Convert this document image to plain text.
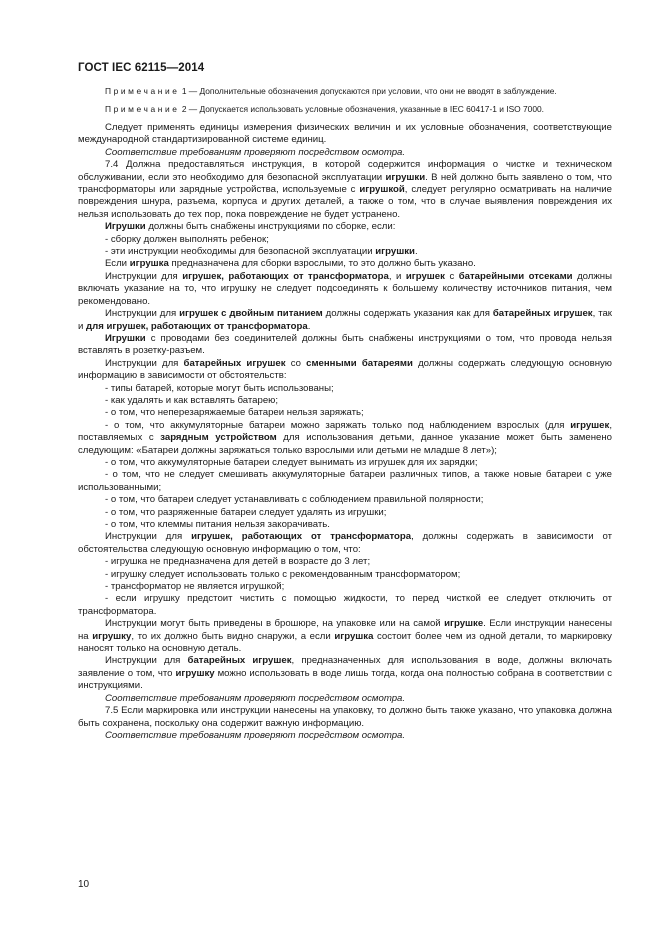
ГОСТ IEC 62115—2014

Примечание 1 — Дополнительные обозначения допускаются при условии, что они не вводят в заблуждение.

Примечание 2 — Допускается использовать условные обозначения, указанные в IEC 60417-1 и ISO 7000.

Следует применять единицы измерения физических величин и их условные обозначения, соответствующие международной стандартизированной системе единиц.

Соответствие требованиям проверяют посредством осмотра.

7.4 Должна предоставляться инструкция, в которой содержится информация о чистке и техническом обслуживании, если это необходимо для безопасной эксплуатации игрушки. В ней должно быть заявлено о том, что трансформаторы или зарядные устройства, используемые с игрушкой, следует регулярно осматривать на наличие повреждения шнура, разъема, корпуса и других деталей, а также о том, что в случае выявления повреждения их нельзя использовать до тех пор, пока повреждение не будет устранено.

Игрушки должны быть снабжены инструкциями по сборке, если:

- сборку должен выполнять ребенок;

- эти инструкции необходимы для безопасной эксплуатации игрушки.

Если игрушка предназначена для сборки взрослыми, то это должно быть указано.

Инструкции для игрушек, работающих от трансформатора, и игрушек с батарейными отсеками должны включать указание на то, что игрушку не следует подсоединять к большему количеству источников питания, чем рекомендовано.

Инструкции для игрушек с двойным питанием должны содержать указания как для батарейных игрушек, так и для игрушек, работающих от трансформатора.

Игрушки с проводами без соединителей должны быть снабжены инструкциями о том, что провода нельзя вставлять в розетку-разъем.

Инструкции для батарейных игрушек со сменными батареями должны содержать следующую основную информацию в зависимости от обстоятельств:

- типы батарей, которые могут быть использованы;

- как удалять и как вставлять батарею;

- о том, что неперезаряжаемые батареи нельзя заряжать;

- о том, что аккумуляторные батареи можно заряжать только под наблюдением взрослых (для игрушек, поставляемых с зарядным устройством для использования детьми, данное указание может быть заменено следующим: «Батареи должны заряжаться только взрослыми или детьми не младше 8 лет»);

- о том, что аккумуляторные батареи следует вынимать из игрушек для их зарядки;

- о том, что не следует смешивать аккумуляторные батареи различных типов, а также новые батареи с уже использованными;

- о том, что батареи следует устанавливать с соблюдением правильной полярности;

- о том, что разряженные батареи следует удалять из игрушки;

- о том, что клеммы питания нельзя закорачивать.

Инструкции для игрушек, работающих от трансформатора, должны содержать в зависимости от обстоятельства следующую основную информацию о том, что:

- игрушка не предназначена для детей в возрасте до 3 лет;

- игрушку следует использовать только с рекомендованным трансформатором;

- трансформатор не является игрушкой;

- если игрушку предстоит чистить с помощью жидкости, то перед чисткой ее следует отключить от трансформатора.

Инструкции могут быть приведены в брошюре, на упаковке или на самой игрушке. Если инструкции нанесены на игрушку, то их должно быть видно снаружи, а если игрушка состоит более чем из одной детали, то маркировку наносят только на основную деталь.

Инструкции для батарейных игрушек, предназначенных для использования в воде, должны включать заявление о том, что игрушку можно использовать в воде лишь тогда, когда она полностью собрана в соответствии с инструкциями.

Соответствие требованиям проверяют посредством осмотра.

7.5 Если маркировка или инструкции нанесены на упаковку, то должно быть также указано, что упаковка должна быть сохранена, поскольку она содержит важную информацию.

Соответствие требованиям проверяют посредством осмотра.

10
